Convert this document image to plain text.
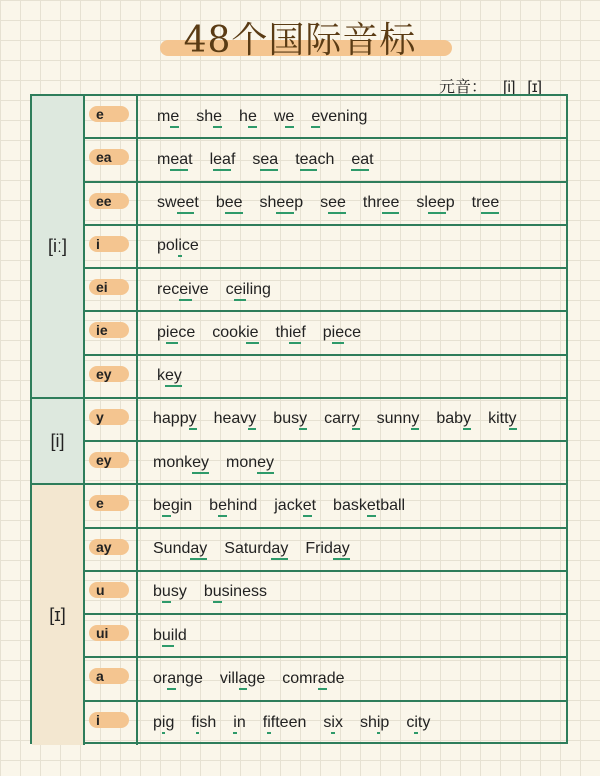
48个国际音标
元音： [i] [ɪ]
[iː]
e	me she he we evening
ea	meat leaf sea teach eat
ee	sweet bee sheep see three sleep tree
i	police
ei	receive ceiling
ie	piece cookie thief piece
ey	key
[i]
y	happy heavy busy carry sunny baby kitty
ey	monkey money
[ɪ]
e	begin behind jacket basketball
ay	Sunday Saturday Friday
u	busy business
ui	build
a	orange village comrade
i	pig fish in fifteen six ship city
